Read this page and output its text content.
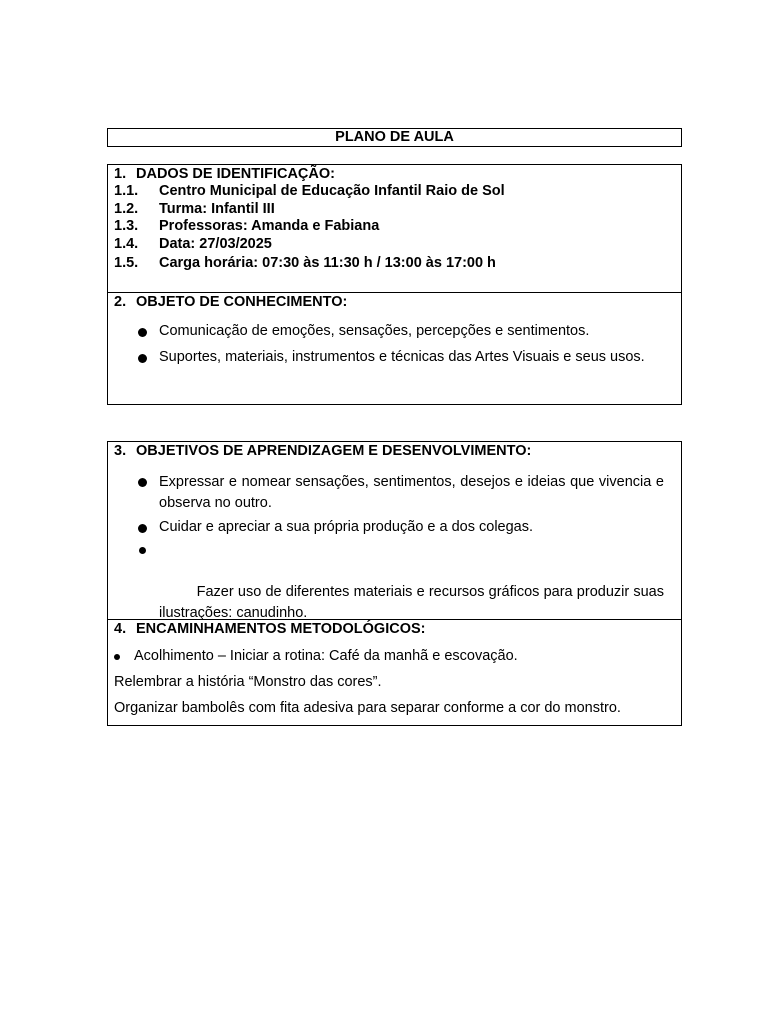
PLANO DE AULA
1. DADOS DE IDENTIFICAÇÃO:
1.1.	Centro Municipal de Educação Infantil Raio de Sol
1.2.	Turma: Infantil III
1.3.	Professoras: Amanda e Fabiana
1.4.	Data: 27/03/2025
1.5.	Carga horária: 07:30 às 11:30 h / 13:00 às 17:00 h
2. OBJETO DE CONHECIMENTO:
Comunicação de emoções, sensações, percepções e sentimentos.
Suportes, materiais, instrumentos e técnicas das Artes Visuais e seus usos.
3. OBJETIVOS DE APRENDIZAGEM E DESENVOLVIMENTO:
Expressar e nomear sensações, sentimentos, desejos e ideias que vivencia e observa no outro.
Cuidar e apreciar a sua própria produção e a dos colegas.

Fazer uso de diferentes materiais e recursos gráficos para produzir suas ilustrações: canudinho.

4. ENCAMINHAMENTOS METODOLÓGICOS:
Acolhimento – Iniciar a rotina: Café da manhã e escovação.
Relembrar a história “Monstro das cores”.
Organizar bambolês com fita adesiva para separar conforme a cor do monstro.
